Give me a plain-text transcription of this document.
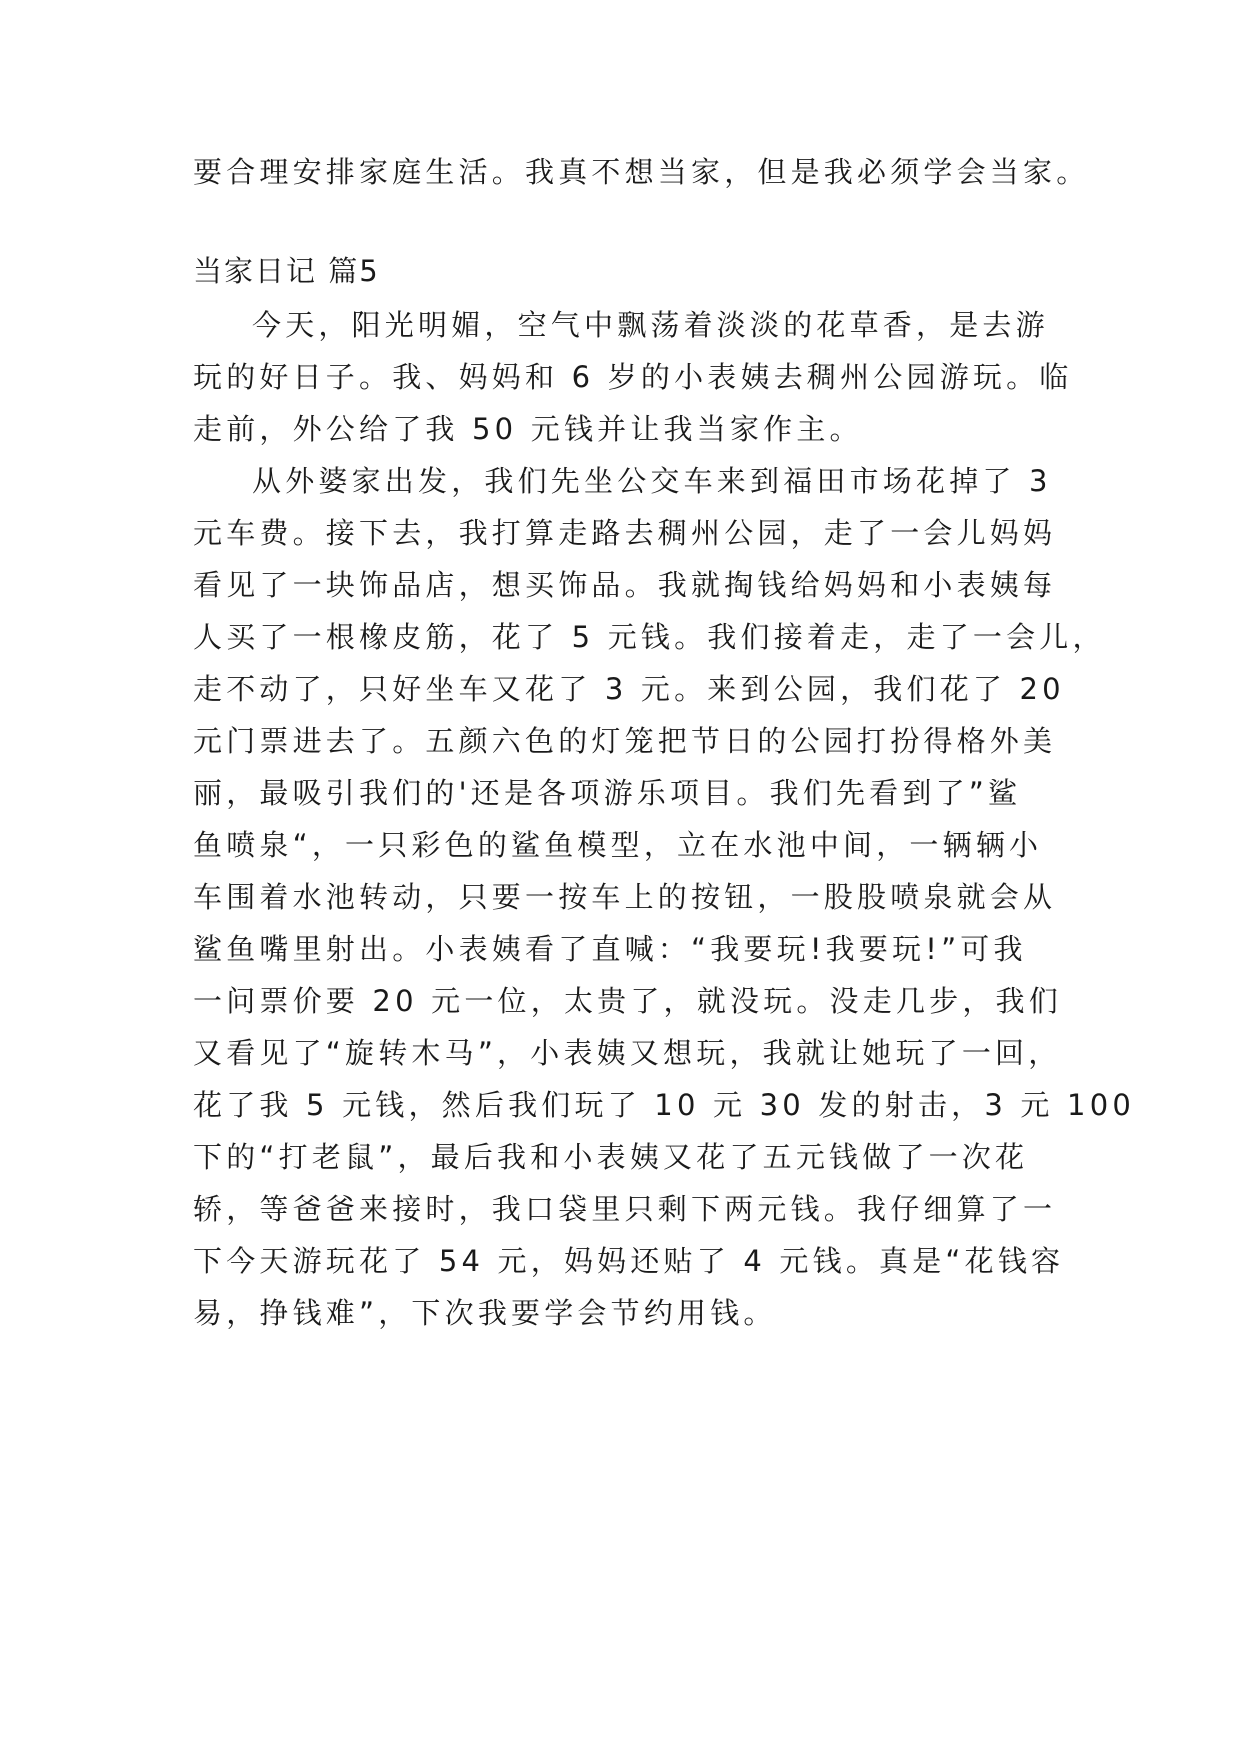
要合理安排家庭生活。我真不想当家，但是我必须学会当家。

当家日记 篇5

今天，阳光明媚，空气中飘荡着淡淡的花草香，是去游

玩的好日子。我、妈妈和 6 岁的小表姨去稠州公园游玩。临

走前，外公给了我 50 元钱并让我当家作主。

从外婆家出发，我们先坐公交车来到福田市场花掉了 3

元车费。接下去，我打算走路去稠州公园，走了一会儿妈妈

看见了一块饰品店，想买饰品。我就掏钱给妈妈和小表姨每

人买了一根橡皮筋，花了 5 元钱。我们接着走，走了一会儿，

走不动了，只好坐车又花了 3 元。来到公园，我们花了 20

元门票进去了。五颜六色的灯笼把节日的公园打扮得格外美

丽，最吸引我们的'还是各项游乐项目。我们先看到了”鲨

鱼喷泉“，一只彩色的鲨鱼模型，立在水池中间，一辆辆小

车围着水池转动，只要一按车上的按钮，一股股喷泉就会从

鲨鱼嘴里射出。小表姨看了直喊：“我要玩!我要玩!”可我

一问票价要 20 元一位，太贵了，就没玩。没走几步，我们

又看见了“旋转木马”，小表姨又想玩，我就让她玩了一回，

花了我 5 元钱，然后我们玩了 10 元 30 发的射击，3 元 100

下的“打老鼠”，最后我和小表姨又花了五元钱做了一次花

轿，等爸爸来接时，我口袋里只剩下两元钱。我仔细算了一

下今天游玩花了 54 元，妈妈还贴了 4 元钱。真是“花钱容

易，挣钱难”，下次我要学会节约用钱。
